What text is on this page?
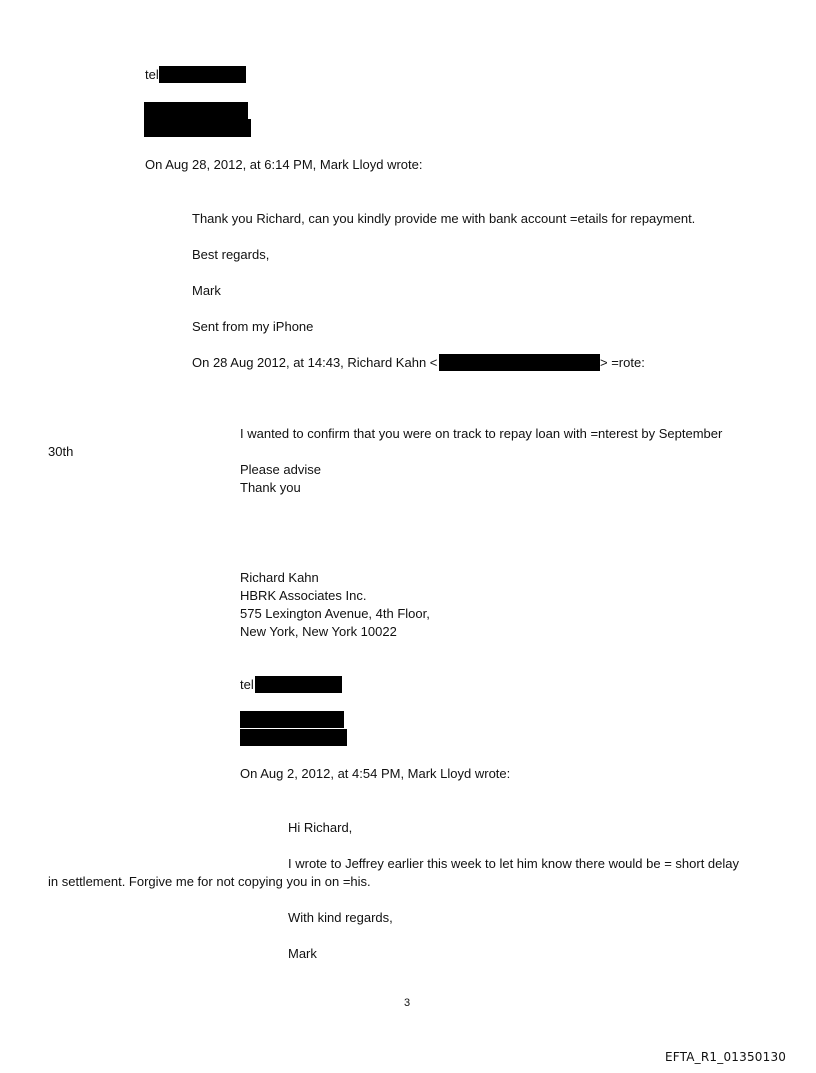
tel
On Aug 28, 2012, at 6:14 PM, Mark Lloyd wrote:
Thank you Richard, can you kindly provide me with bank account =etails for repayment.
Best regards,
Mark
Sent from my iPhone
On 28 Aug 2012, at 14:43, Richard Kahn <	> =rote:
I wanted to confirm that you were on track to repay loan with =nterest by September
30th
Please advise
Thank you
Richard Kahn
HBRK Associates Inc.
575 Lexington Avenue, 4th Floor,
New York, New York 10022
tel
On Aug 2, 2012, at 4:54 PM, Mark Lloyd wrote:
Hi Richard,
I wrote to Jeffrey earlier this week to let him know there would be = short delay
in settlement. Forgive me for not copying you in on =his.
With kind regards,
Mark
3
EFTA_R1_01350130
